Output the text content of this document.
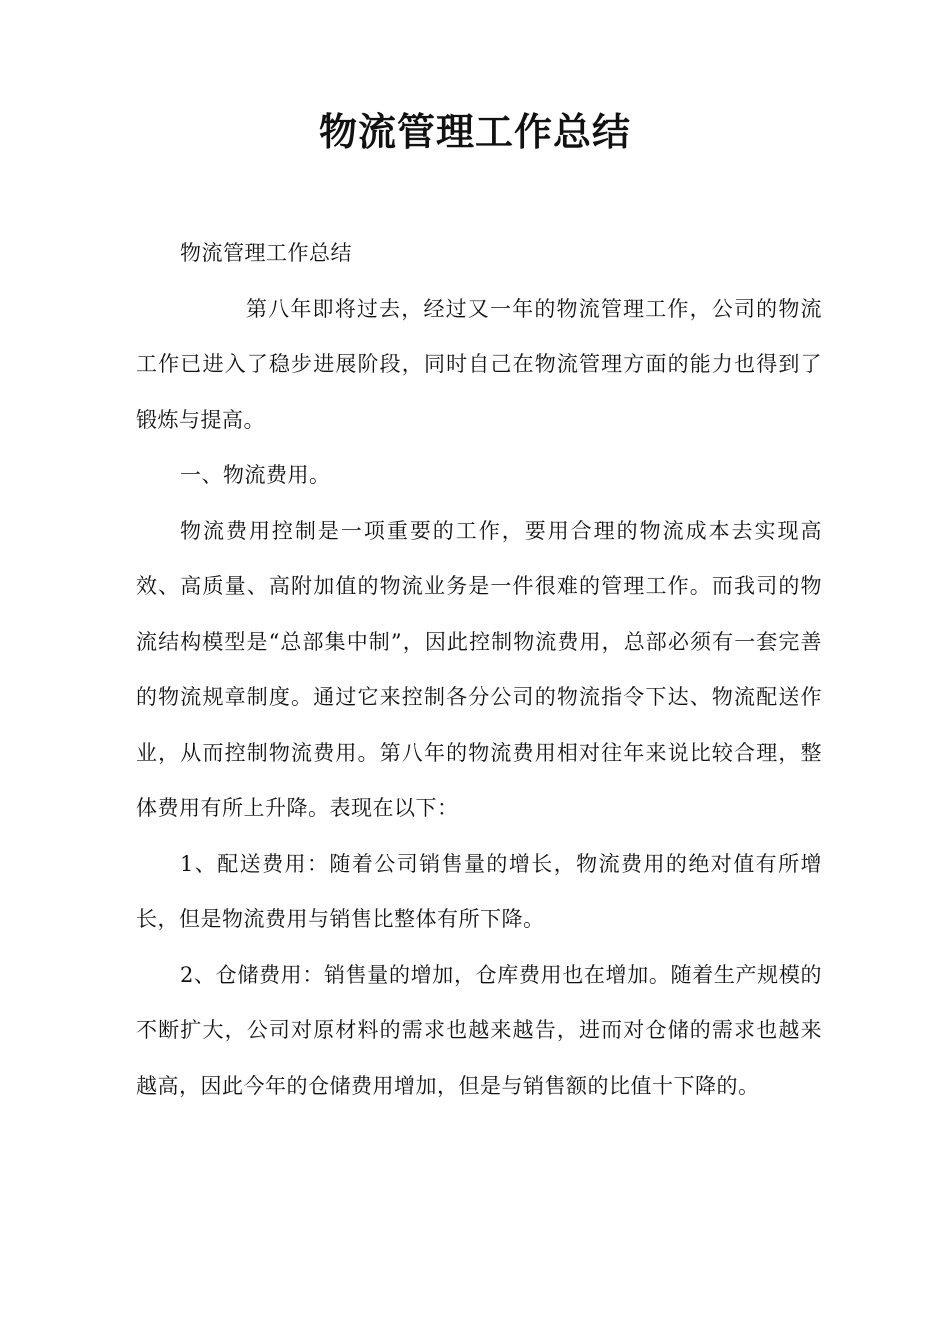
物流管理工作总结

物流管理工作总结

第八年即将过去，经过又一年的物流管理工作，公司的物流工作已进入了稳步进展阶段，同时自己在物流管理方面的能力也得到了锻炼与提高。

一、物流费用。

物流费用控制是一项重要的工作，要用合理的物流成本去实现高效、高质量、高附加值的物流业务是一件很难的管理工作。而我司的物流结构模型是“总部集中制”，因此控制物流费用，总部必须有一套完善的物流规章制度。通过它来控制各分公司的物流指令下达、物流配送作业，从而控制物流费用。第八年的物流费用相对往年来说比较合理，整体费用有所上升降。表现在以下：

1、配送费用：随着公司销售量的增长，物流费用的绝对值有所增长，但是物流费用与销售比整体有所下降。

2、仓储费用：销售量的增加，仓库费用也在增加。随着生产规模的不断扩大，公司对原材料的需求也越来越告，进而对仓储的需求也越来越高，因此今年的仓储费用增加，但是与销售额的比值十下降的。
